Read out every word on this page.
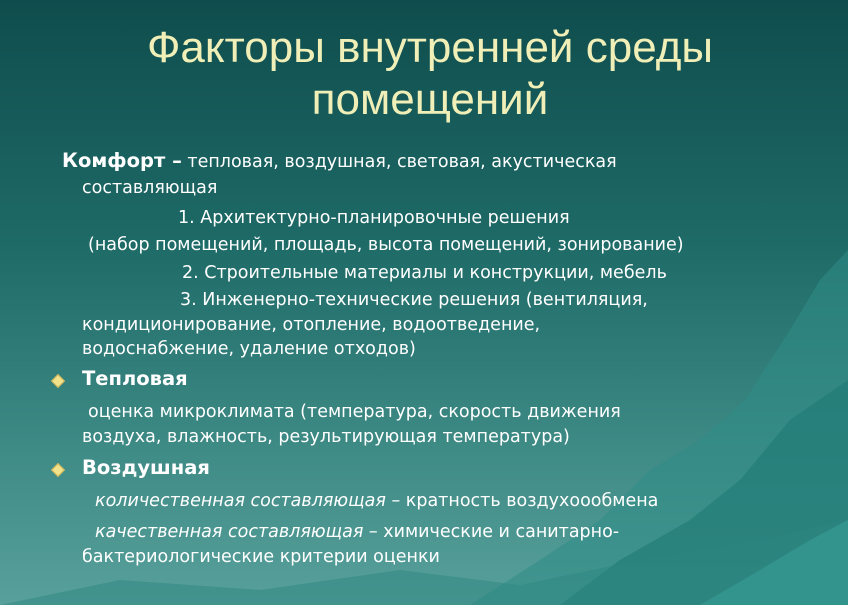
Факторы внутренней среды
помещений
Комфорт – тепловая, воздушная, световая, акустическая
составляющая
1. Архитектурно-планировочные решения
(набор помещений, площадь, высота помещений, зонирование)
2. Строительные материалы и конструкции, мебель
3. Инженерно-технические решения (вентиляция,
кондиционирование, отопление, водоотведение,
водоснабжение, удаление отходов)
Тепловая
оценка микроклимата (температура, скорость движения
воздуха, влажность, результирующая температура)
Воздушная
количественная составляющая – кратность воздухоообмена
качественная составляющая – химические и санитарно-
бактериологические критерии оценки
